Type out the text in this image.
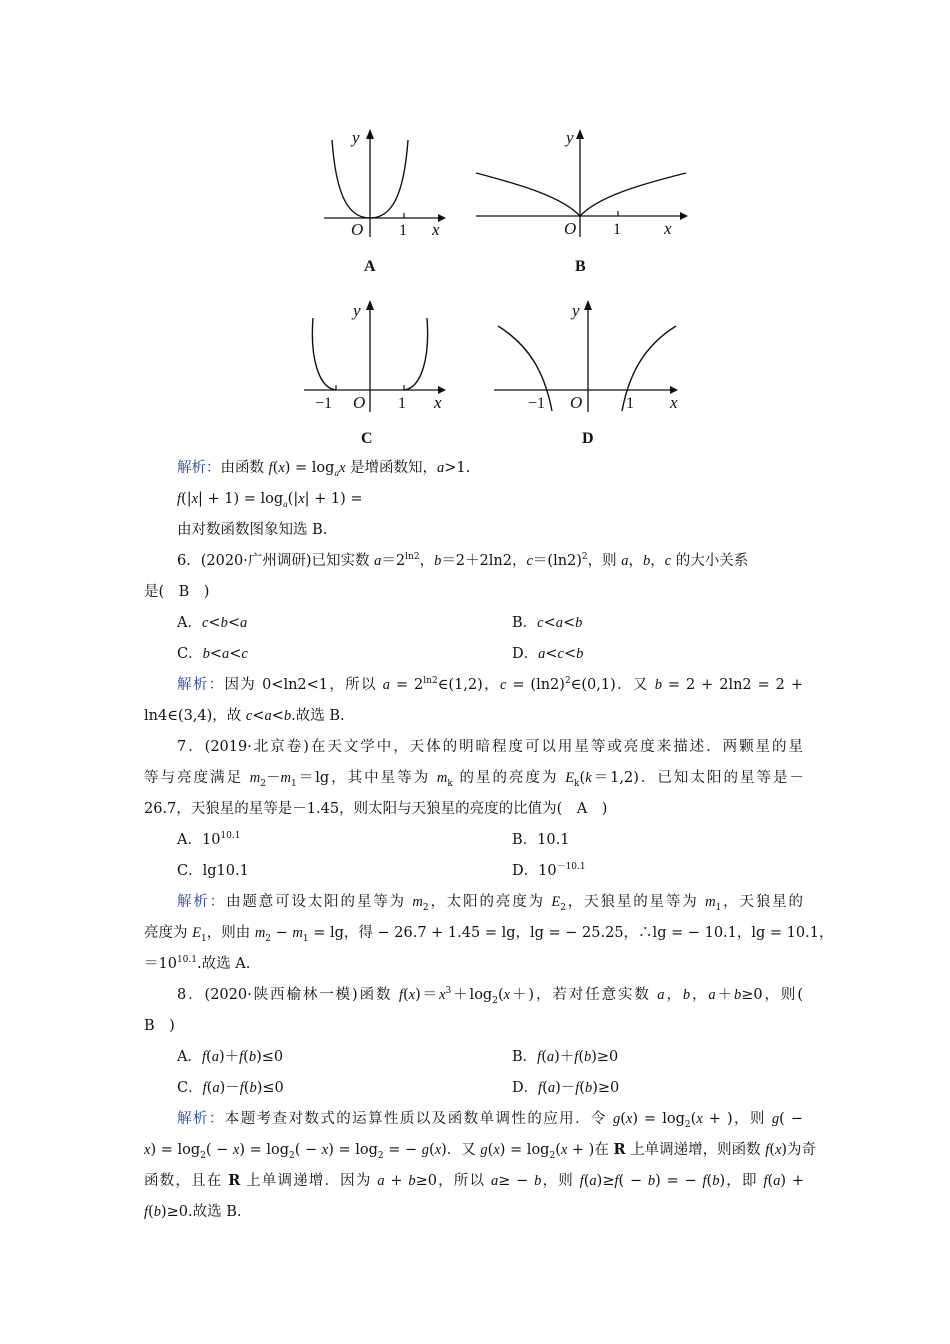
y
x
O 1
A
y
x
O 1
B
y
x
O 1
−1
C
y
x
O	1
−1
D
解析：由函数 $f(x) = \log_ax$ 是增函数知，a>1.
$f(|x| + 1) = \log_a(|x| + 1)$ =
由对数函数图象知选 B.
6．(2020·广州调研)已知实数 $a=2^{ln2}$，b＝2＋2ln2，$c=(\ln 2)^2$，则 a，b，c 的大小关系
是(　B　)
A．c<b<a	B．c<a<b
C．b<a<c	D．a<c<b
解析：因为 0<ln2<1，所以 $a = 2^{ln2}\in(1,2)$，$c = (\ln 2)^2\in(0,1)$．又 b = 2 + 2ln2 = 2 +
ln4∈(3,4)，故 c<a<b.故选 B.
7．(2019·北京卷)在天文学中，天体的明暗程度可以用星等或亮度来描述．两颗星的星
等与亮度满足 $m_2-m_1=\lg$，其中星等为 $m_k$ 的星的亮度为 $E_k(k=1,2)$．已知太阳的星等是－
26.7，天狼星的星等是－1.45，则太阳与天狼星的亮度的比值为(　A　)
A．$10^{10.1}$	B．10.1
C．lg10.1	D．$10^{-10.1}$
解析：由题意可设太阳的星等为 $m_2$，太阳的亮度为 $E_2$，天狼星的星等为 $m_1$，天狼星的
亮度为 $E_1$，则由 $m_2 - m_1 = \lg$，得 − 26.7 + 1.45 = lg，lg = − 25.25，∴lg = − 10.1，lg = 10.1，
$=10^{10.1}$.故选 A.
8．(2020·陕西榆林一模)函数 $f(x)=x^3+\log_2(x+)$，若对任意实数 a，b，a＋b≥0，则(
B　)
A．f(a)＋f(b)≤0	B．f(a)＋f(b)≥0
C．f(a)－f(b)≤0	D．f(a)－f(b)≥0
解析：本题考查对数式的运算性质以及函数单调性的应用．令 $g(x) = \log_2(x$ + )，则 g( −
$x) = \log_2( - x) = \log_2( - x) = \log_2$ = − g(x)．又 $g(x) = \log_2(x$ + )在 R 上单调递增，则函数 f(x)为奇
函数，且在 R 上单调递增．因为 a + b≥0，所以 a≥ − b，则 f(a)≥f( − b) = − f(b)，即 f(a) +
f(b)≥0.故选 B.
